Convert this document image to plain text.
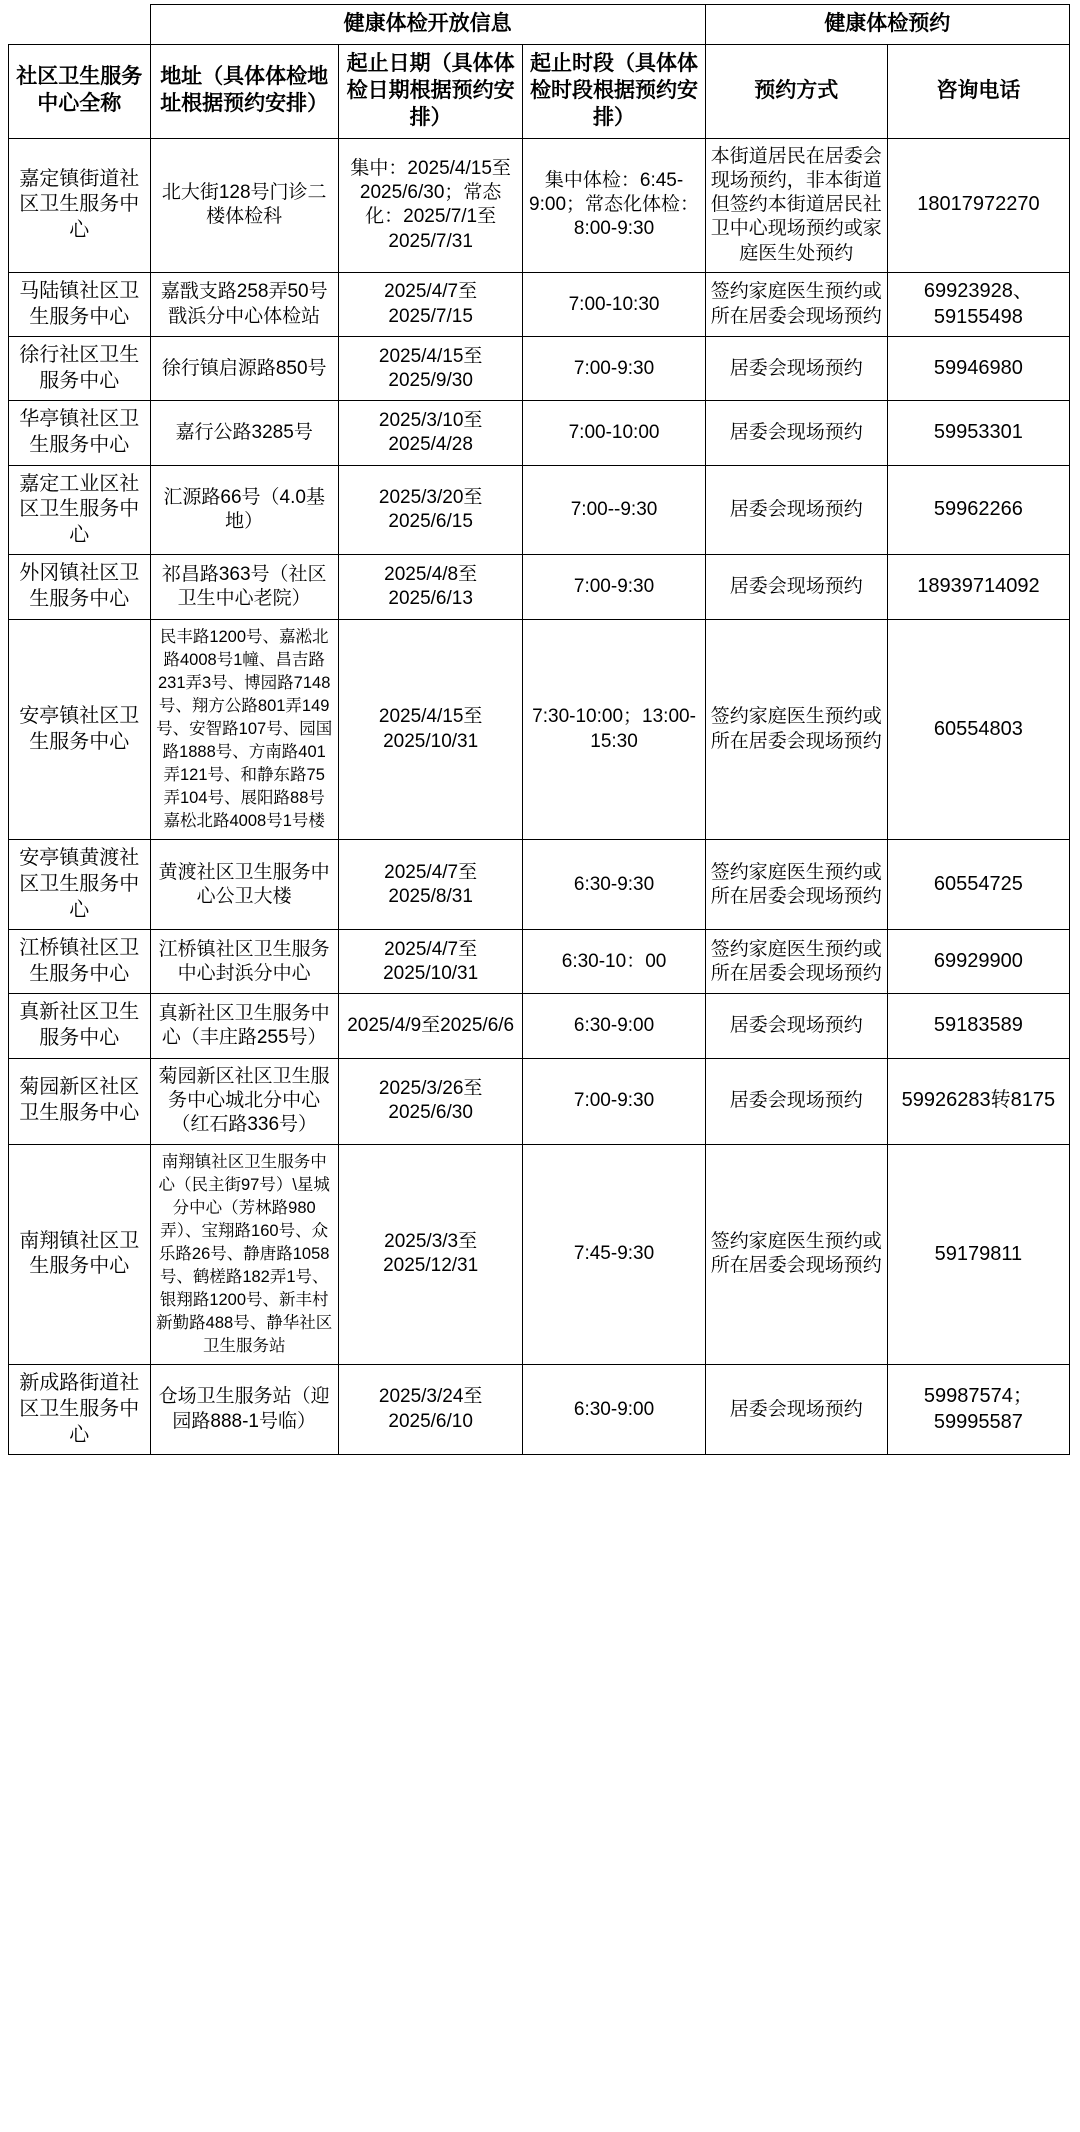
	健康体检开放信息			健康体检预约	
社区卫生服务中心全称	地址（具体体检地址根据预约安排）	起止日期（具体体检日期根据预约安排）	起止时段（具体体检时段根据预约安排）	预约方式	咨询电话
嘉定镇街道社区卫生服务中心	北大街128号门诊二楼体检科	集中：2025/4/15至2025/6/30；常态化：2025/7/1至2025/7/31	集中体检：6:45-9:00；常态化体检：8:00-9:30	本街道居民在居委会现场预约，非本街道但签约本街道居民社卫中心现场预约或家庭医生处预约	18017972270
马陆镇社区卫生服务中心	嘉戬支路258弄50号戬浜分中心体检站	2025/4/7至2025/7/15	7:00-10:30	签约家庭医生预约或所在居委会现场预约	69923928、59155498
徐行社区卫生服务中心	徐行镇启源路850号	2025/4/15至2025/9/30	7:00-9:30	居委会现场预约	59946980
华亭镇社区卫生服务中心	嘉行公路3285号	2025/3/10至2025/4/28	7:00-10:00	居委会现场预约	59953301
嘉定工业区社区卫生服务中心	汇源路66号（4.0基地）	2025/3/20至2025/6/15	7:00--9:30	居委会现场预约	59962266
外冈镇社区卫生服务中心	祁昌路363号（社区卫生中心老院）	2025/4/8至2025/6/13	7:00-9:30	居委会现场预约	18939714092
安亭镇社区卫生服务中心	民丰路1200号、嘉淞北路4008号1幢、昌吉路231弄3号、博园路7148号、翔方公路801弄149号、安智路107号、园国路1888号、方南路401弄121号、和静东路75弄104号、展阳路88号嘉松北路4008号1号楼	2025/4/15至2025/10/31	7:30-10:00；13:00-15:30	签约家庭医生预约或所在居委会现场预约	60554803
安亭镇黄渡社区卫生服务中心	黄渡社区卫生服务中心公卫大楼	2025/4/7至2025/8/31	6:30-9:30	签约家庭医生预约或所在居委会现场预约	60554725
江桥镇社区卫生服务中心	江桥镇社区卫生服务中心封浜分中心	2025/4/7至2025/10/31	6:30-10：00	签约家庭医生预约或所在居委会现场预约	69929900
真新社区卫生服务中心	真新社区卫生服务中心（丰庄路255号）	2025/4/9至2025/6/6	6:30-9:00	居委会现场预约	59183589
菊园新区社区卫生服务中心	菊园新区社区卫生服务中心城北分中心（红石路336号）	2025/3/26至2025/6/30	7:00-9:30	居委会现场预约	59926283转8175
南翔镇社区卫生服务中心	南翔镇社区卫生服务中心（民主街97号）\星城分中心（芳林路980弄）、宝翔路160号、众乐路26号、静唐路1058号、鹤槎路182弄1号、银翔路1200号、新丰村新勤路488号、静华社区卫生服务站	2025/3/3至2025/12/31	7:45-9:30	签约家庭医生预约或所在居委会现场预约	59179811
新成路街道社区卫生服务中心	仓场卫生服务站（迎园路888-1号临）	2025/3/24至2025/6/10	6:30-9:00	居委会现场预约	59987574；59995587
